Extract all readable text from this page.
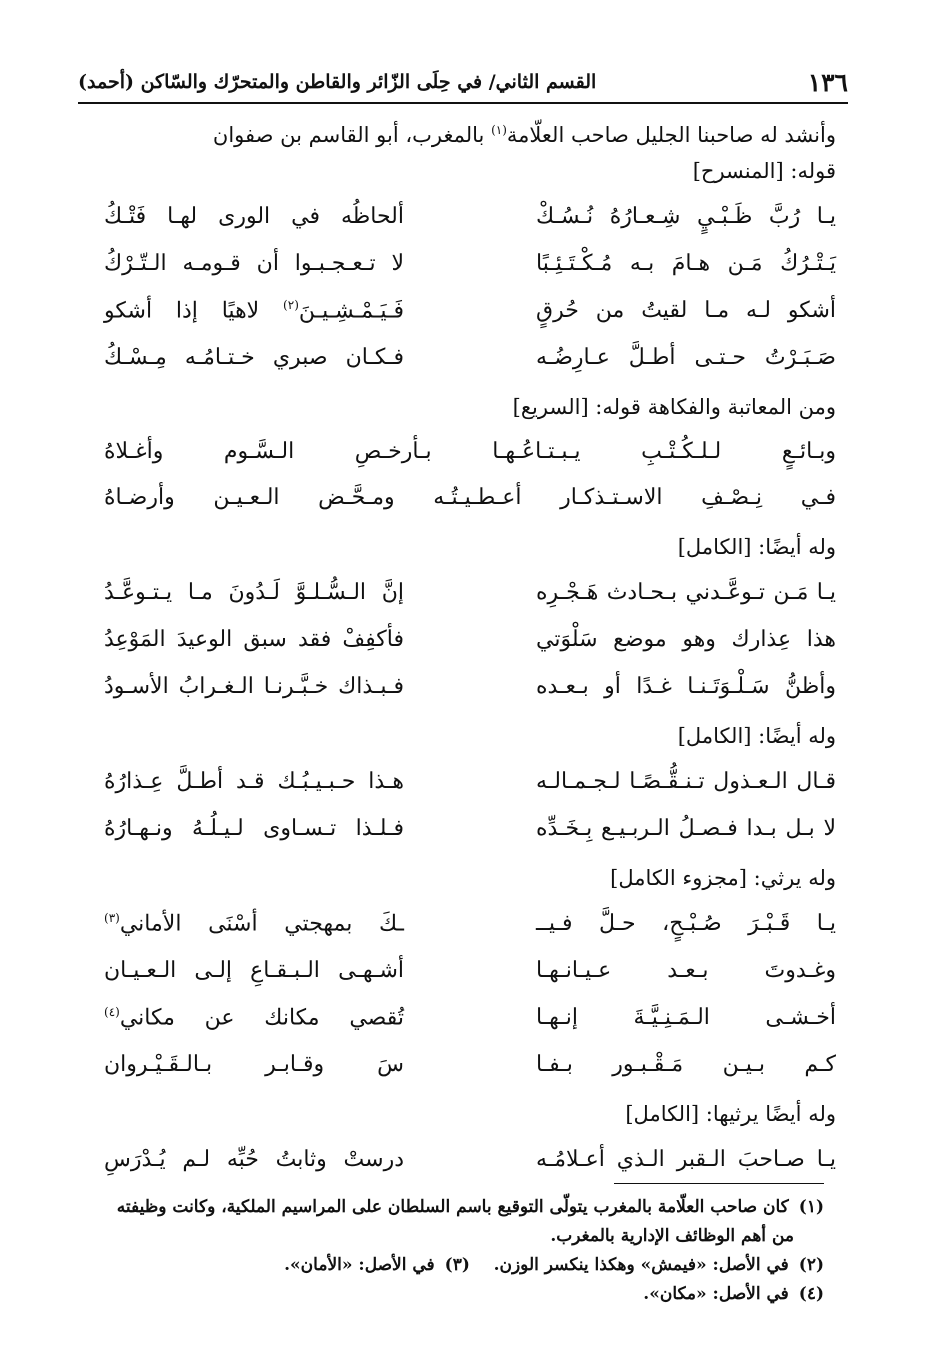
١٣٦
القسم الثاني/ في حِلَى الزّائر والقاطن والمتحرّك والسّاكن (أحمد)

وأنشد له صاحبنا الجليل صاحب العلّامة$^{(١)}$ بالمغرب، أبو القاسم بن صفوان
قوله: [المنسرح]

يـا رُبَّ ظَـبْـيٍ شِـعـارُهُ نُـسُـكْ
ألحاظُه في الورى لهـا فَتْـكُ
يَـتْـرُكُ مَـن هـامَ بـه مُـكْـتَـئِـبًا
لا تـعـجـبـوا أن قـومـه الـتّـرْكُ
أشكو لـه مـا لقيتُ من حُرقٍ
فَـيَـمْـشِـيـنَ$^{(٢)}$ لاهيًا إذا أشكو
صَـبَـرْتُ حـتـى أطـلَّ عـارِضُـه
فـكـان صبري خـتـامُـه مِـسْـكُ

ومن المعاتبة والفكاهة قوله: [السريع]

وبـائـعٍ لـلـكُـتْـبِ يـبـتـاعُـهـا بـأرخـصِ الـسَّـوم وأغـلاهُ
فـي نِـصْـفِ الاسـتـذكـار أعـطـيـتُـه ومـحَّـض الـعـيـن وأرضـاهُ

وله أيضًا: [الكامل]

يـا مَـن تـوعَّـدني بـحـادث هَـجْـرِه
إنَّ الـسُّـلـوَّ لَـدُونَ مـا يـتـوعَّـدُ
هذا عِذارك وهو موضع سَلْوَتي
فأكفِفْ فقد سبق الوعيدَ المَوْعِدُ
وأظنُّ سَـلْـوَتَـنـا غـدًا أو بـعـده
فـبـذاك خـبَّـرنـا الـغـرابُ الأسـودُ

وله أيضًا: [الكامل]

قـال الـعـذول تـنـقُّـصًـا لـجـمـالـه
هـذا حـبـيـبُـك قـد أطـلَّ عِـذارُهُ
لا بـل بـدا فـصـلُ الـربـيـع بِـخَـدِّه
فـلـذا تـسـاوى لـيـلُـهُ ونـهـارُهُ

وله يرثي: [مجزوء الكامل]

يـا قَـبْـرَ صُـبْـحٍ، حـلَّ فـيــ
ـكَ بمهجتي أسْنَى الأماني$^{(٣)}$
وغـدوتَ بـعـد عـيـانـهـا
أشـهـى الـبـقـاعِ إلـى الـعـيـان
أخـشـى الـمَـنِـيَّـةَ إنـهـا
تُقصي مكانك عن مكاني$^{(٤)}$
كـم بـيـن مَـقْـبـور بـفـا
سَ وقـابـر بـالـقَـيْـروان

وله أيضًا يرثيها: [الكامل]

يـا صـاحبَ الـقبر الـذي أعـلامُـه
درستْ وثابتُ حُبِّه لـم يُـدْرَسِ

(١)كان صاحب العلّامة بالمغرب يتولّى التوقيع باسم السلطان على المراسيم الملكية، وكانت وظيفته

من أهم الوظائف الإدارية بالمغرب.

(٢)في الأصل: «فيمش» وهكذا ينكسر الوزن.    (٣)في الأصل: «الأمان».

(٤)في الأصل: «مكان».
